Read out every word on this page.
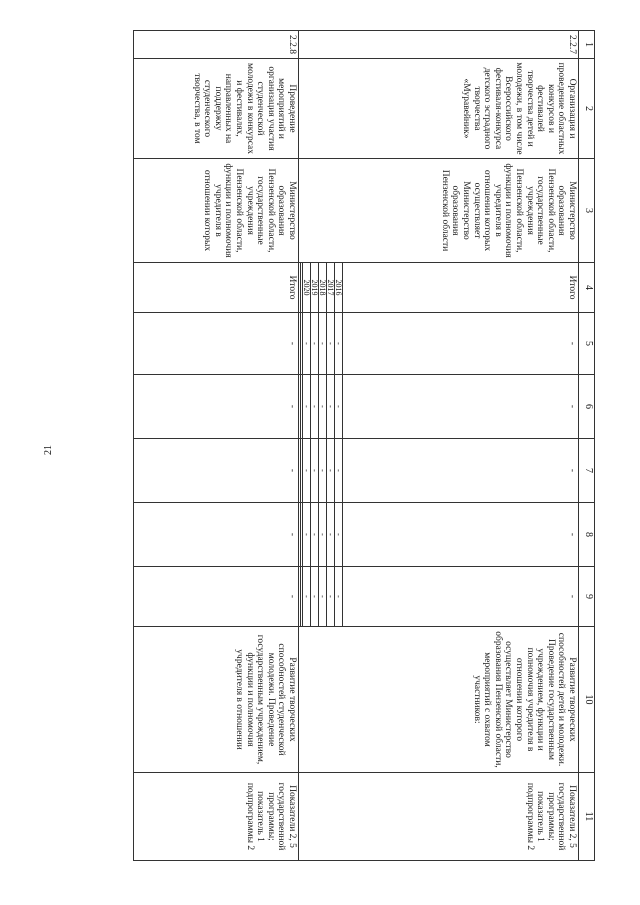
21
1	2	3	4	5	6	7	8	9	10	11
2.2.7	Организация и проведение областных конкурсов и фестивалей творчества детей и молодежи, в том числе Всероссийского фестиваля-конкурса детского эстрадного творчества «Муравейник»	Министерство образования Пензенской области, государственные учреждения Пензенской области, функции и полномочия учредителя в отношении которых осуществляет Министерство образования Пензенской области	Итого	-	-	-	-	-	Развитие творческих способностей детей и молодежи. Проведение государственным учреждением, функции и полномочия учредителя в отношении которого осуществляет Министерство образования Пензенской области, мероприятий с охватом участников:	Показатели 2, 5 государственной программы; показатель 1 подпрограммы 2
			2016	-	-	-	-	-		
			2017	-	-	-	-	-		
			2018	-	-	-	-	-		
			2019	-	-	-	-	-		
			2020	-	-	-	-	-		

2.2.8	Проведение мероприятий и организация участия студенческой молодежи в конкурсах и фестивалях, направленных на поддержку студенческого творчества, в том	Министерство образования Пензенской области, государственные учреждения Пензенской области, функции и полномочия учредителя в отношении которых	Итого	-	-	-	-	-	Развитие творческих способностей студенческой молодежи. Проведение государственным учреждением, функции и полномочия учредителя в отношении	Показатели 2, 5 государственной программы; показатель 1 подпрограммы 2
